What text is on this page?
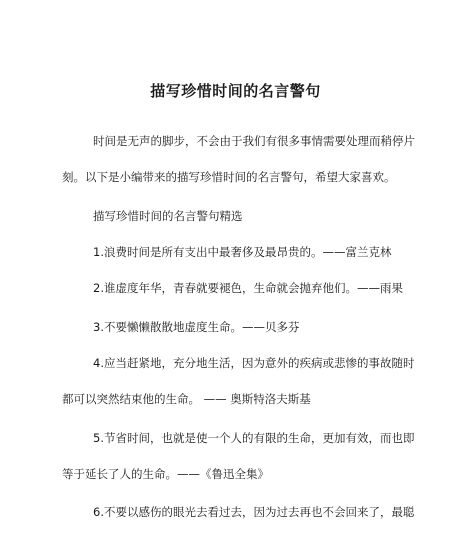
描写珍惜时间的名言警句
时间是无声的脚步，不会由于我们有很多事情需要处理而稍停片
刻。以下是小编带来的描写珍惜时间的名言警句，希望大家喜欢。
描写珍惜时间的名言警句精选
1.浪费时间是所有支出中最奢侈及最昂贵的。——富兰克林
2.谁虚度年华，青春就要褪色，生命就会抛弃他们。——雨果
3.不要懒懒散散地虚度生命。——贝多芬
4.应当赶紧地，充分地生活，因为意外的疾病或悲惨的事故随时
都可以突然结束他的生命。 —— 奥斯特洛夫斯基
5.节省时间，也就是使一个人的有限的生命，更加有效，而也即
等于延长了人的生命。——《鲁迅全集》
6.不要以感伤的眼光去看过去，因为过去再也不会回来了，最聪
